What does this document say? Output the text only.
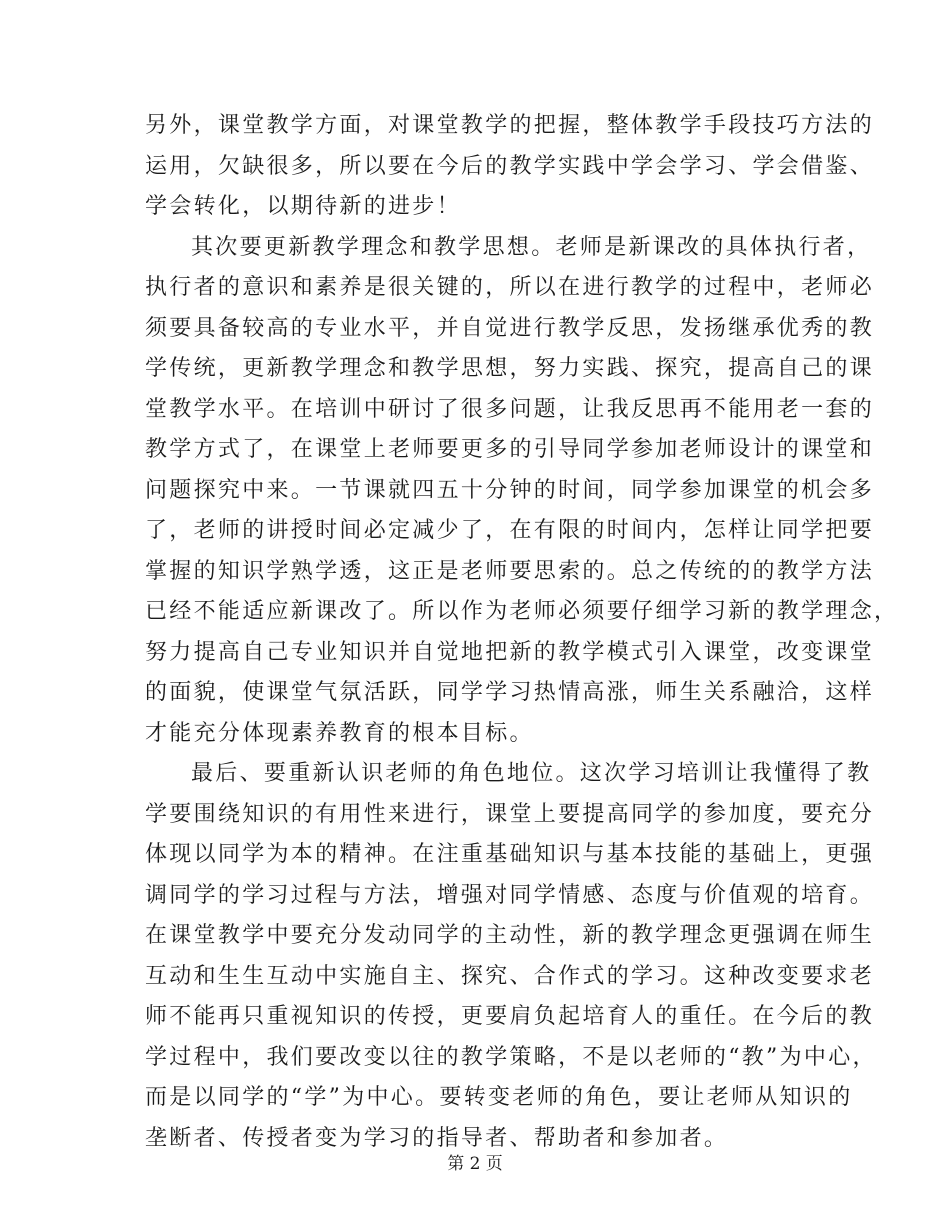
另外，课堂教学方面，对课堂教学的把握，整体教学手段技巧方法的
运用，欠缺很多，所以要在今后的教学实践中学会学习、学会借鉴、
学会转化，以期待新的进步！
其次要更新教学理念和教学思想。老师是新课改的具体执行者，
执行者的意识和素养是很关键的，所以在进行教学的过程中，老师必
须要具备较高的专业水平，并自觉进行教学反思，发扬继承优秀的教
学传统，更新教学理念和教学思想，努力实践、探究，提高自己的课
堂教学水平。在培训中研讨了很多问题，让我反思再不能用老一套的
教学方式了，在课堂上老师要更多的引导同学参加老师设计的课堂和
问题探究中来。一节课就四五十分钟的时间，同学参加课堂的机会多
了，老师的讲授时间必定减少了，在有限的时间内，怎样让同学把要
掌握的知识学熟学透，这正是老师要思索的。总之传统的的教学方法
已经不能适应新课改了。所以作为老师必须要仔细学习新的教学理念，
努力提高自己专业知识并自觉地把新的教学模式引入课堂，改变课堂
的面貌，使课堂气氛活跃，同学学习热情高涨，师生关系融洽，这样
才能充分体现素养教育的根本目标。
最后、要重新认识老师的角色地位。这次学习培训让我懂得了教
学要围绕知识的有用性来进行，课堂上要提高同学的参加度，要充分
体现以同学为本的精神。在注重基础知识与基本技能的基础上，更强
调同学的学习过程与方法，增强对同学情感、态度与价值观的培育。
在课堂教学中要充分发动同学的主动性，新的教学理念更强调在师生
互动和生生互动中实施自主、探究、合作式的学习。这种改变要求老
师不能再只重视知识的传授，更要肩负起培育人的重任。在今后的教
学过程中，我们要改变以往的教学策略，不是以老师的“教”为中心，
而是以同学的“学”为中心。要转变老师的角色，要让老师从知识的
垄断者、传授者变为学习的指导者、帮助者和参加者。
第 2 页
